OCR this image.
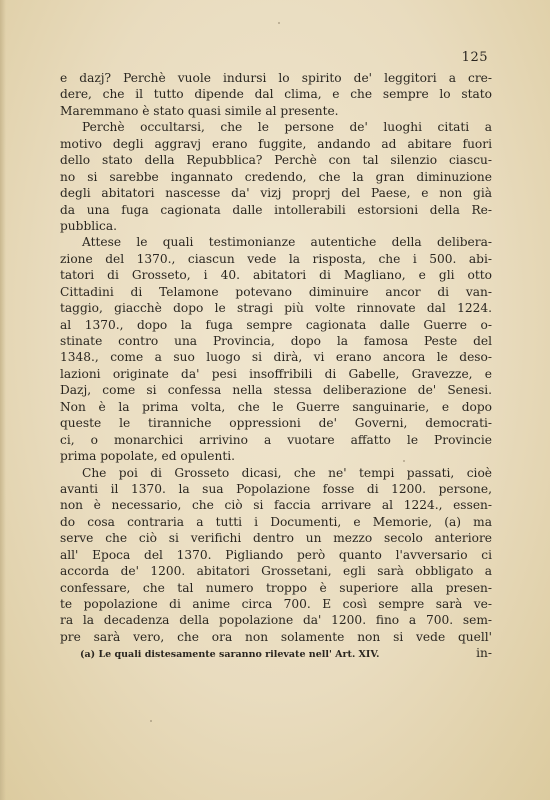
125
e dazj? Perchè vuole indursi lo spirito de' leggitori a cre-
dere, che il tutto dipende dal clima, e che sempre lo stato
Maremmano è stato quasi simile al presente.
Perchè occultarsi, che le persone de' luoghi citati a
motivo degli aggravj erano fuggite, andando ad abitare fuori
dello stato della Repubblica? Perchè con tal silenzio ciascu-
no si sarebbe ingannato credendo, che la gran diminuzione
degli abitatori nascesse da' vizj proprj del Paese, e non già
da una fuga cagionata dalle intollerabili estorsioni della Re-
pubblica.
Attese le quali testimonianze autentiche della delibera-
zione del 1370., ciascun vede la risposta, che i 500. abi-
tatori di Grosseto, i 40. abitatori di Magliano, e gli otto
Cittadini di Telamone potevano diminuire ancor di van-
taggio, giacchè dopo le stragi più volte rinnovate dal 1224.
al 1370., dopo la fuga sempre cagionata dalle Guerre o-
stinate contro una Provincia, dopo la famosa Peste del
1348., come a suo luogo si dirà, vi erano ancora le deso-
lazioni originate da' pesi insoffribili di Gabelle, Gravezze, e
Dazj, come si confessa nella stessa deliberazione de' Senesi.
Non è la prima volta, che le Guerre sanguinarie, e dopo
queste le tiranniche oppressioni de' Governi, democrati-
ci, o monarchici arrivino a vuotare affatto le Provincie
prima popolate, ed opulenti.
Che poi di Grosseto dicasi, che ne' tempi passati, cioè
avanti il 1370. la sua Popolazione fosse di 1200. persone,
non è necessario, che ciò si faccia arrivare al 1224., essen-
do cosa contraria a tutti i Documenti, e Memorie, (a) ma
serve che ciò si verifichi dentro un mezzo secolo anteriore
all' Epoca del 1370. Pigliando però quanto l'avversario ci
accorda de' 1200. abitatori Grossetani, egli sarà obbligato a
confessare, che tal numero troppo è superiore alla presen-
te popolazione di anime circa 700. E così sempre sarà ve-
ra la decadenza della popolazione da' 1200. fino a 700. sem-
pre sarà vero, che ora non solamente non si vede quell'
in-
(a) Le quali distesamente saranno rilevate nell' Art. XIV.
